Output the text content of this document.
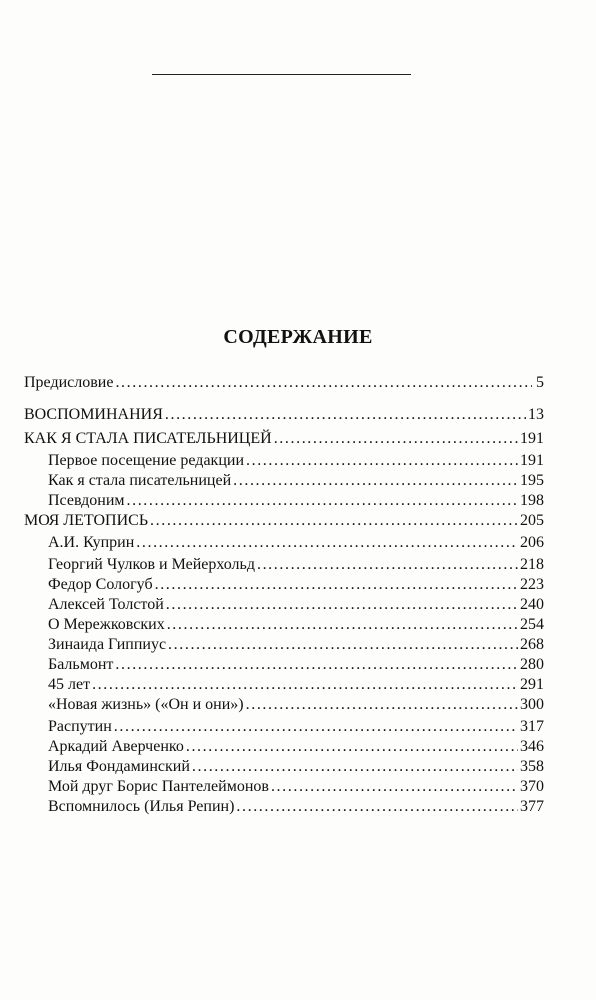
СОДЕРЖАНИЕ
Предисловие . . .	5
ВОСПОМИНАНИЯ . . .	13
КАК Я СТАЛА ПИСАТЕЛЬНИЦЕЙ . . .	191
Первое посещение редакции . . .	191
Как я стала писательницей . . .	195
Псевдоним . . .	198
МОЯ ЛЕТОПИСЬ . . .	205
А.И. Куприн . . .	206
Георгий Чулков и Мейерхольд . . .	218
Федор Сологуб . . .	223
Алексей Толстой . . .	240
О Мережковских . . .	254
Зинаида Гиппиус . . .	268
Бальмонт . . .	280
45 лет . . .	291
«Новая жизнь» («Он и они») . . .	300
Распутин . . .	317
Аркадий Аверченко . . .	346
Илья Фондаминский . . .	358
Мой друг Борис Пантелеймонов . . .	370
Вспомнилось (Илья Репин) . . .	377
